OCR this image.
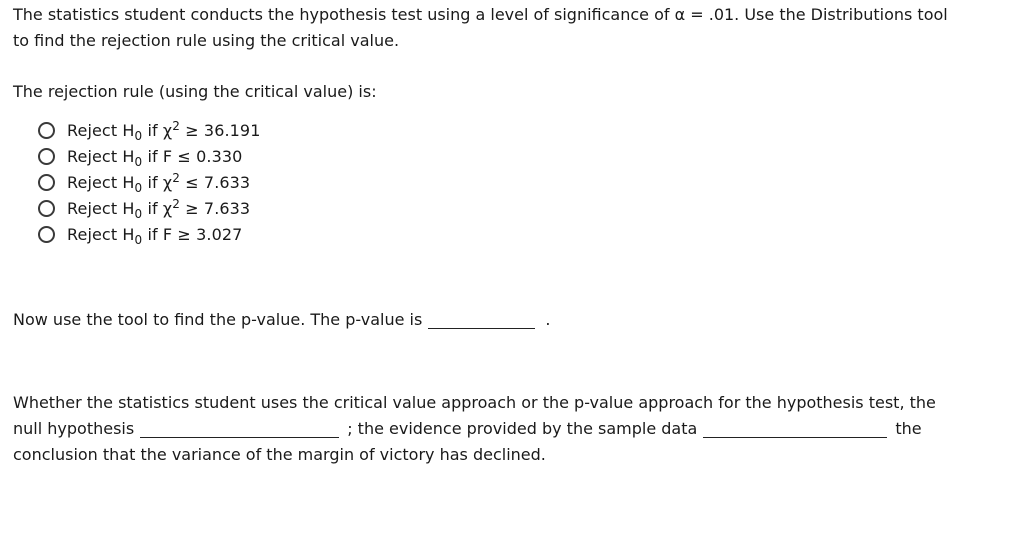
The statistics student conducts the hypothesis test using a level of significance of α = .01. Use the Distributions tool
to find the rejection rule using the critical value.
The rejection rule (using the critical value) is:
Reject $H_0$ if $\chi^2 \ge 36.191$
Reject $H_0$ if F ≤ 0.330
Reject $H_0$ if $\chi^2 \le 7.633$
Reject $H_0$ if $\chi^2 \ge 7.633$
Reject $H_0$ if F ≥ 3.027
Now use the tool to find the p-value. The p-value is	.
Whether the statistics student uses the critical value approach or the p-value approach for the hypothesis test, the
null hypothesis	; the evidence provided by the sample data	the
conclusion that the variance of the margin of victory has declined.
